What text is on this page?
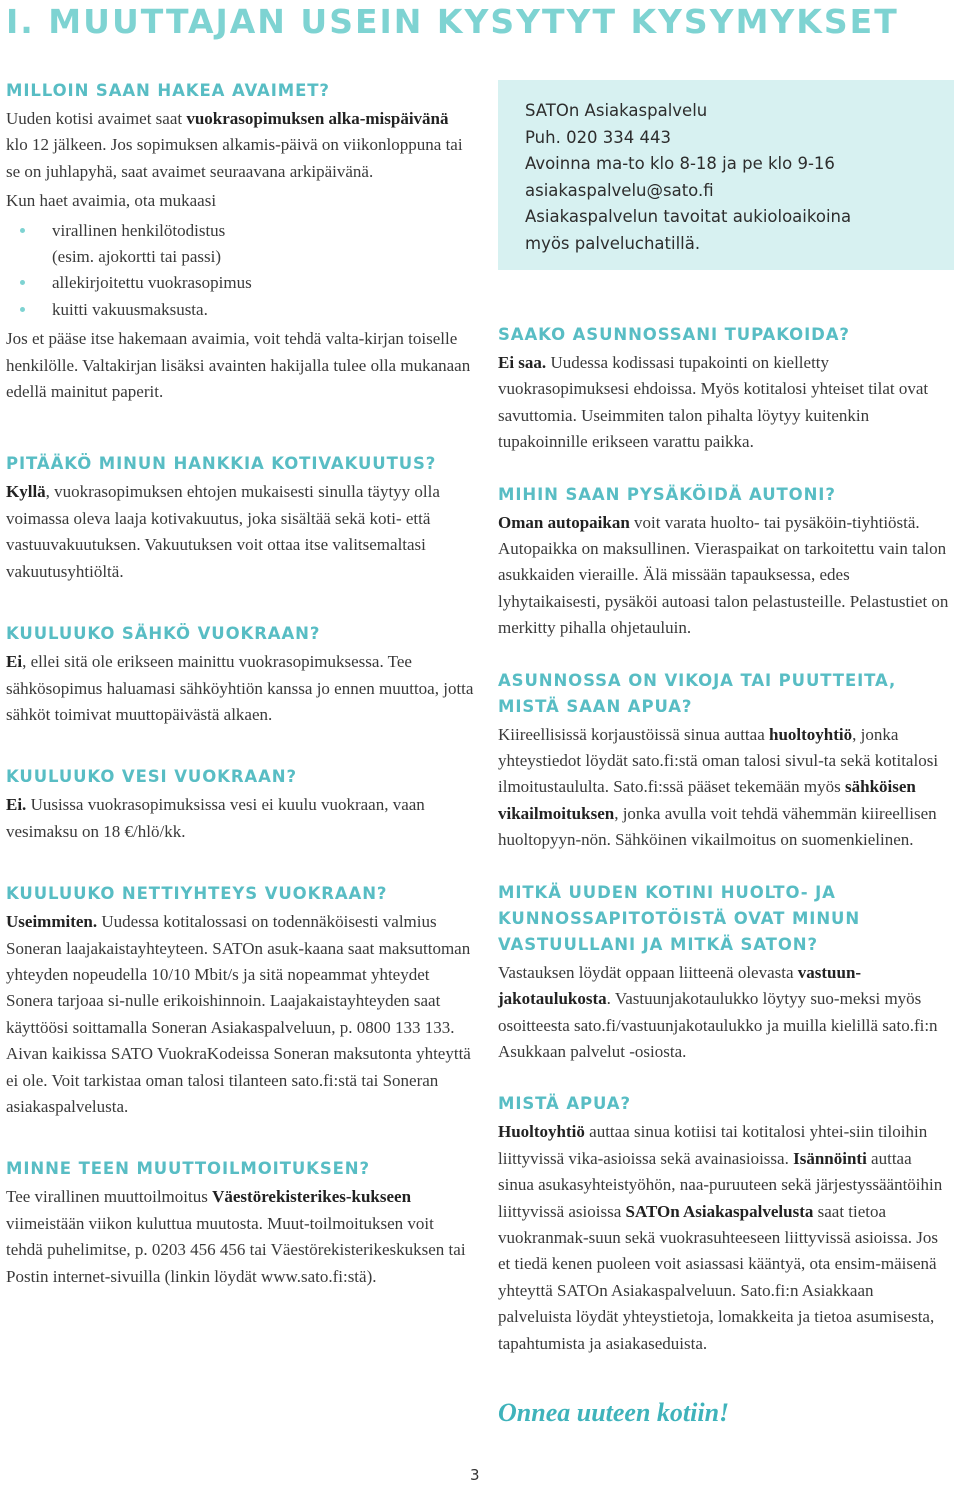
I. MUUTTAJAN USEIN KYSYTYT KYSYMYKSET
MILLOIN SAAN HAKEA AVAIMET?

Uuden kotisi avaimet saat vuokrasopimuksen alka-mispäivänä klo 12 jälkeen. Jos sopimuksen alkamis-päivä on viikonloppuna tai se on juhlapyhä, saat avaimet seuraavana arkipäivänä.

Kun haet avaimia, ota mukaasi

virallinen henkilötodistus
(esim. ajokortti tai passi)
allekirjoitettu vuokrasopimus
kuitti vakuusmaksusta.

Jos et pääse itse hakemaan avaimia, voit tehdä valta-kirjan toiselle henkilölle. Valtakirjan lisäksi avainten hakijalla tulee olla mukanaan edellä mainitut paperit.

PITÄÄKÖ MINUN HANKKIA KOTIVAKUUTUS?

Kyllä, vuokrasopimuksen ehtojen mukaisesti sinulla täytyy olla voimassa oleva laaja kotivakuutus, joka sisältää sekä koti- että vastuuvakuutuksen. Vakuutuksen voit ottaa itse valitsemaltasi vakuutusyhtiöltä.

KUULUUKO SÄHKÖ VUOKRAAN?

Ei, ellei sitä ole erikseen mainittu vuokrasopimuksessa. Tee sähkösopimus haluamasi sähköyhtiön kanssa jo ennen muuttoa, jotta sähköt toimivat muuttopäivästä alkaen.

KUULUUKO VESI VUOKRAAN?

Ei. Uusissa vuokrasopimuksissa vesi ei kuulu vuokraan, vaan vesimaksu on 18 €/hlö/kk.

KUULUUKO NETTIYHTEYS VUOKRAAN?

Useimmiten. Uudessa kotitalossasi on todennäköisesti valmius Soneran laajakaistayhteyteen. SATOn asuk-kaana saat maksuttoman yhteyden nopeudella 10/10 Mbit/s ja sitä nopeammat yhteydet Sonera tarjoaa si-nulle erikoishinnoin. Laajakaistayhteyden saat käyttöösi soittamalla Soneran Asiakaspalveluun, p. 0800 133 133. Aivan kaikissa SATO VuokraKodeissa Soneran maksutonta yhteyttä ei ole. Voit tarkistaa oman talosi tilanteen sato.fi:stä tai Soneran asiakaspalvelusta.

MINNE TEEN MUUTTOILMOITUKSEN?

Tee virallinen muuttoilmoitus Väestörekisterikes-kukseen viimeistään viikon kuluttua muutosta. Muut-toilmoituksen voit tehdä puhelimitse, p. 0203 456 456 tai Väestörekisterikeskuksen tai Postin internet-sivuilla (linkin löydät www.sato.fi:stä).

SATOn Asiakaspalvelu
Puh. 020 334 443
Avoinna ma-to klo 8-18 ja pe klo 9-16
asiakaspalvelu@sato.fi
Asiakaspalvelun tavoitat aukioloaikoina
myös palveluchatillä.
SAAKO ASUNNOSSANI TUPAKOIDA?

Ei saa. Uudessa kodissasi tupakointi on kielletty vuokrasopimuksesi ehdoissa. Myös kotitalosi yhteiset tilat ovat savuttomia. Useimmiten talon pihalta löytyy kuitenkin tupakoinnille erikseen varattu paikka.

MIHIN SAAN PYSÄKÖIDÄ AUTONI?

Oman autopaikan voit varata huolto- tai pysäköin-tiyhtiöstä. Autopaikka on maksullinen. Vieraspaikat on tarkoitettu vain talon asukkaiden vieraille. Älä missään tapauksessa, edes lyhytaikaisesti, pysäköi autoasi talon pelastusteille. Pelastustiet on merkitty pihalla ohjetauluin.

ASUNNOSSA ON VIKOJA TAI PUUTTEITA, MISTÄ SAAN APUA?

Kiireellisissä korjaustöissä sinua auttaa huoltoyhtiö, jonka yhteystiedot löydät sato.fi:stä oman talosi sivul-ta sekä kotitalosi ilmoitustaululta. Sato.fi:ssä pääset tekemään myös sähköisen vikailmoituksen, jonka avulla voit tehdä vähemmän kiireellisen huoltopyyn-nön. Sähköinen vikailmoitus on suomenkielinen.

MITKÄ UUDEN KOTINI HUOLTO- JA KUNNOSSAPITOTÖISTÄ OVAT MINUN VASTUULLANI JA MITKÄ SATON?

Vastauksen löydät oppaan liitteenä olevasta vastuun-jakotaulukosta. Vastuunjakotaulukko löytyy suo-meksi myös osoitteesta sato.fi/vastuunjakotaulukko ja muilla kielillä sato.fi:n Asukkaan palvelut -osiosta.

MISTÄ APUA?

Huoltoyhtiö auttaa sinua kotiisi tai kotitalosi yhtei-siin tiloihin liittyvissä vika-asioissa sekä avainasioissa. Isännöinti auttaa sinua asukasyhteistyöhön, naa-puruuteen sekä järjestyssääntöihin liittyvissä asioissa SATOn Asiakaspalvelusta saat tietoa vuokranmak-suun sekä vuokrasuhteeseen liittyvissä asioissa. Jos et tiedä kenen puoleen voit asiassasi kääntyä, ota ensim-mäisenä yhteyttä SATOn Asiakaspalveluun. Sato.fi:n Asiakkaan palveluista löydät yhteystietoja, lomakkeita ja tietoa asumisesta, tapahtumista ja asiakaseduista.

Onnea uuteen kotiin!

3
